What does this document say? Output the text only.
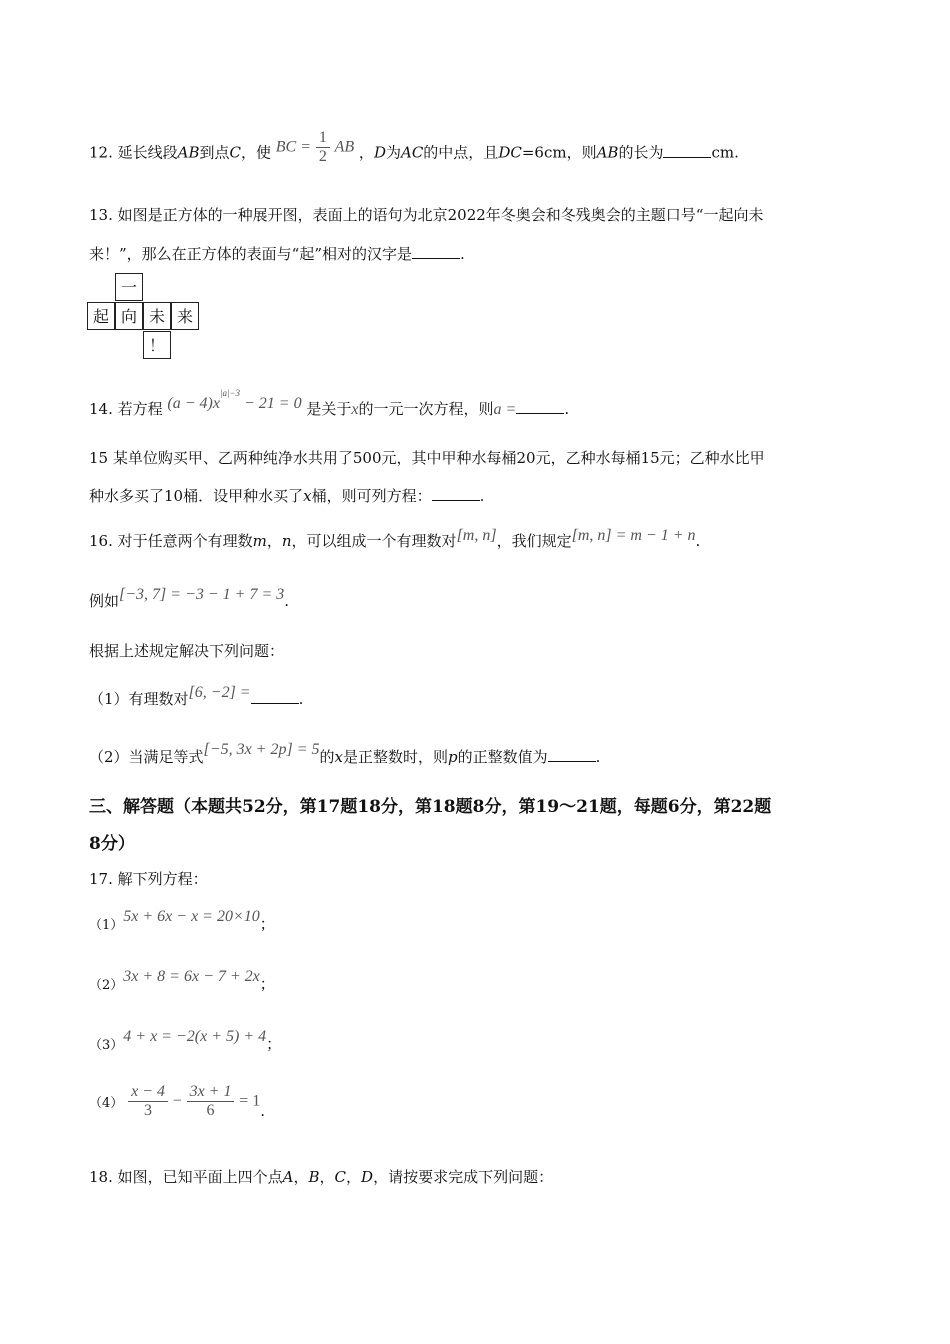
12. 延长线段AB到点C，使 BC = $\frac{1}{2}$ AB ，D为AC的中点，且DC=6cm，则AB的长为	cm.
13. 如图是正方体的一种展开图，表面上的语句为北京2022年冬奥会和冬残奥会的主题口号“一起向未
来！”，那么在正方体的表面与“起”相对的汉字是	.
一
起 向 未 来
！
14. 若方程 $(a - 4)x^{|a|-3} - 21 = 0$ 是关于x的一元一次方程，则a =	.
15 某单位购买甲、乙两种纯净水共用了500元，其中甲种水每桶20元，乙种水每桶15元；乙种水比甲
种水多买了10桶．设甲种水买了x桶，则可列方程：	.
16. 对于任意两个有理数m，n，可以组成一个有理数对[m, n]，我们规定[m, n] = m − 1 + n.
例如[−3, 7] = −3 − 1 + 7 = 3.
根据上述规定解决下列问题：
（1）有理数对[6, −2] =	.
（2）当满足等式[−5, 3x + 2p] = 5的x是正整数时，则p的正整数值为	.
三、解答题（本题共52分，第17题18分，第18题8分，第19～21题，每题6分，第22题
8分）
17. 解下列方程：
（1）5x + 6x − x = 20×10；
（2）3x + 8 = 6x − 7 + 2x；
（3）4 + x = −2(x + 5) + 4；
$(4) \frac{x - 4}{3} - \frac{3x + 1}{6} = 1$.
18. 如图，已知平面上四个点A，B，C，D，请按要求完成下列问题：
